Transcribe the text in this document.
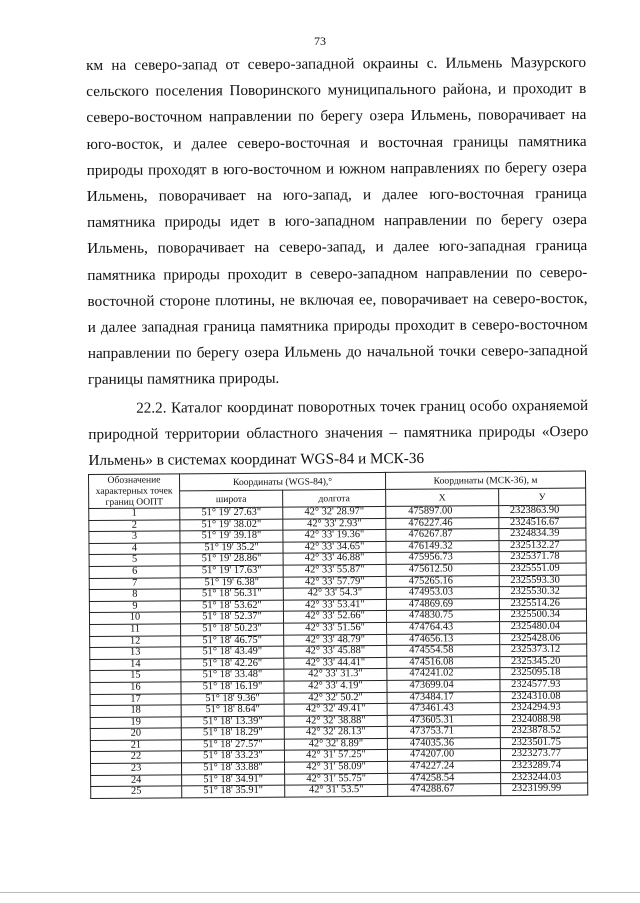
73

км на северо-запад от северо-западной окраины с. Ильмень Мазурского сельского поселения Поворинского муниципального района, и проходит в северо-восточном направлении по берегу озера Ильмень, поворачивает на юго-восток, и далее северо-восточная и восточная границы памятника природы проходят в юго-восточном и южном направлениях по берегу озера Ильмень, поворачивает на юго-запад, и далее юго-восточная граница памятника природы идет в юго-западном направлении по берегу озера Ильмень, поворачивает на северо-запад, и далее юго-западная граница памятника природы проходит в северо-западном направлении по северо-восточной стороне плотины, не включая ее, поворачивает на северо-восток, и далее западная граница памятника природы проходит в северо-восточном направлении по берегу озера Ильмень до начальной точки северо-западной границы памятника природы.

22.2. Каталог координат поворотных точек границ особо охраняемой природной территории областного значения – памятника природы «Озеро Ильмень» в системах координат WGS-84 и МСК-36

Обозначение характерных точек границ ООПТ	Координаты (WGS-84),°		Координаты (МСК-36), м	
	широта	долгота	X	У
1	51° 19' 27.63"	42° 32' 28.97"	475897.00	2323863.90
2	51° 19' 38.02"	42° 33' 2.93"	476227.46	2324516.67
3	51° 19' 39.18"	42° 33' 19.36"	476267.87	2324834.39
4	51° 19' 35.2"	42° 33' 34.65"	476149.32	2325132.27
5	51° 19' 28.86"	42° 33' 46.88"	475956.73	2325371.78
6	51° 19' 17.63"	42° 33' 55.87"	475612.50	2325551.09
7	51° 19' 6.38"	42° 33' 57.79"	475265.16	2325593.30
8	51° 18' 56.31"	42° 33' 54.3"	474953.03	2325530.32
9	51° 18' 53.62"	42° 33' 53.41"	474869.69	2325514.26
10	51° 18' 52.37"	42° 33' 52.66"	474830.75	2325500.34
11	51° 18' 50.23"	42° 33' 51.56"	474764.43	2325480.04
12	51° 18' 46.75"	42° 33' 48.79"	474656.13	2325428.06
13	51° 18' 43.49"	42° 33' 45.88"	474554.58	2325373.12
14	51° 18' 42.26"	42° 33' 44.41"	474516.08	2325345.20
15	51° 18' 33.48"	42° 33' 31.3"	474241.02	2325095.18
16	51° 18' 16.19"	42° 33' 4.19"	473699.04	2324577.93
17	51° 18' 9.36"	42° 32' 50.2"	473484.17	2324310.08
18	51° 18' 8.64"	42° 32' 49.41"	473461.43	2324294.93
19	51° 18' 13.39"	42° 32' 38.88"	473605.31	2324088.98
20	51° 18' 18.29"	42° 32' 28.13"	473753.71	2323878.52
21	51° 18' 27.57"	42° 32' 8.89"	474035.36	2323501.75
22	51° 18' 33.23"	42° 31' 57.25"	474207.00	2323273.77
23	51° 18' 33.88"	42° 31' 58.09"	474227.24	2323289.74
24	51° 18' 34.91"	42° 31' 55.75"	474258.54	2323244.03
25	51° 18' 35.91"	42° 31' 53.5"	474288.67	2323199.99
